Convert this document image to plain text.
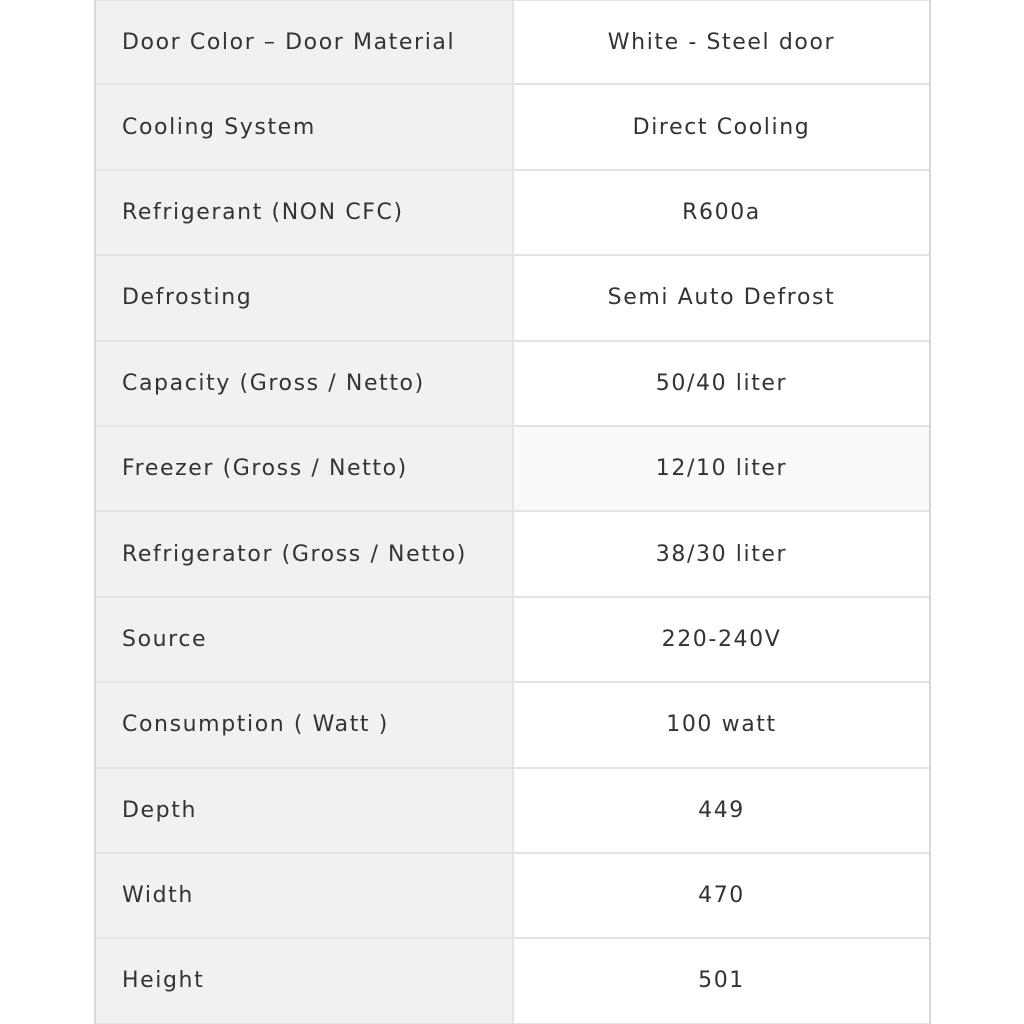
Door Color – Door Material	White - Steel door
Cooling System	Direct Cooling
Refrigerant (NON CFC)	R600a
Defrosting	Semi Auto Defrost
Capacity (Gross / Netto)	50/40 liter
Freezer (Gross / Netto)	12/10 liter
Refrigerator (Gross / Netto)	38/30 liter
Source	220-240V
Consumption ( Watt )	100 watt
Depth	449
Width	470
Height	501
